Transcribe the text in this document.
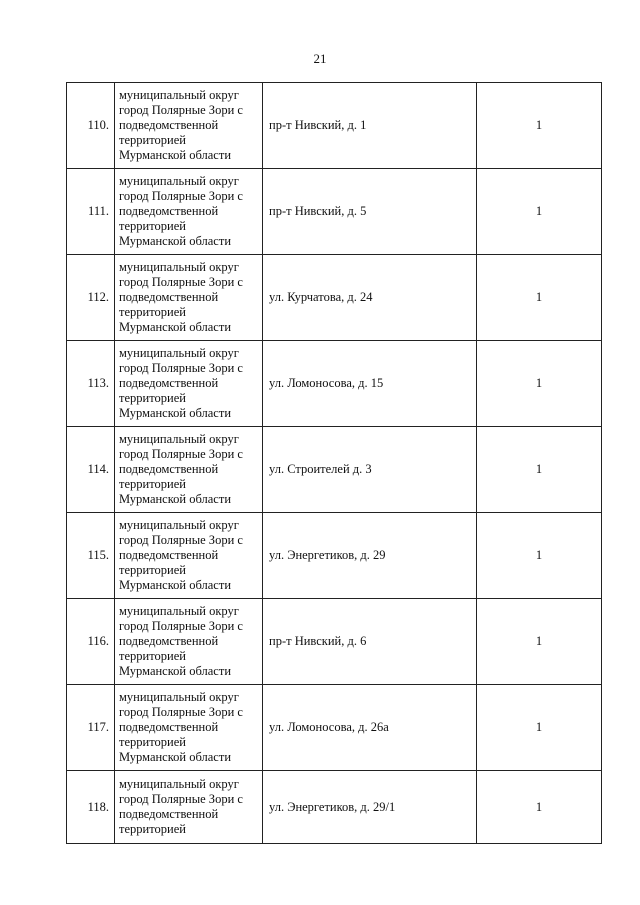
21
110.	муниципальный округ
город Полярные Зори с
подведомственной
территорией
Мурманской области	пр-т Нивский, д. 1	1
111.	муниципальный округ
город Полярные Зори с
подведомственной
территорией
Мурманской области	пр-т Нивский, д. 5	1
112.	муниципальный округ
город Полярные Зори с
подведомственной
территорией
Мурманской области	ул. Курчатова, д. 24	1
113.	муниципальный округ
город Полярные Зори с
подведомственной
территорией
Мурманской области	ул. Ломоносова, д. 15	1
114.	муниципальный округ
город Полярные Зори с
подведомственной
территорией
Мурманской области	ул. Строителей д. 3	1
115.	муниципальный округ
город Полярные Зори с
подведомственной
территорией
Мурманской области	ул. Энергетиков, д. 29	1
116.	муниципальный округ
город Полярные Зори с
подведомственной
территорией
Мурманской области	пр-т Нивский, д. 6	1
117.	муниципальный округ
город Полярные Зори с
подведомственной
территорией
Мурманской области	ул. Ломоносова, д. 26а	1
118.	муниципальный округ
город Полярные Зори с
подведомственной
территорией	ул. Энергетиков, д. 29/1	1
